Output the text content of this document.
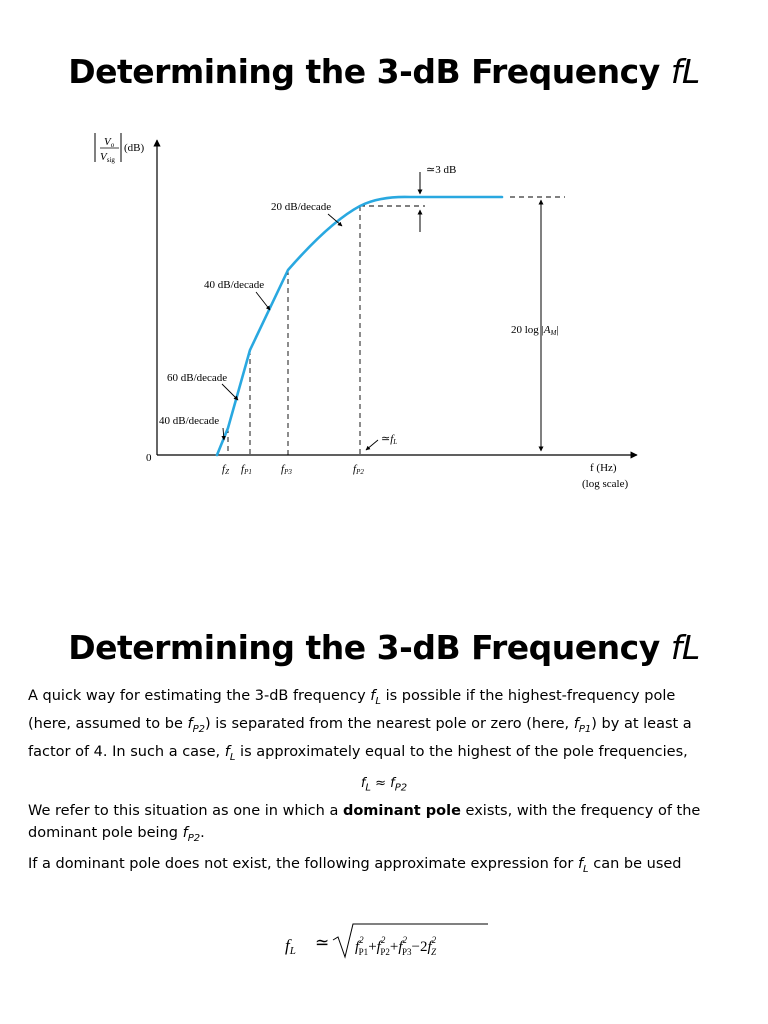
Determining the 3-dB Frequency fL
Vo
Vsig
(dB)
0
20 dB/decade
40 dB/decade
60 dB/decade
40 dB/decade
≃3 dB
≃fL
20 log |AM|
fZ fP1	fP3	fP2	f (Hz)
(log scale)
Determining the 3-dB Frequency fL

A quick way for estimating the 3-dB frequency $f_L$ is possible if the highest-frequency pole (here, assumed to be $f_{P2}$) is separated from the nearest pole or zero (here, $f_{P1}$) by at least a factor of 4. In such a case, $f_L$ is approximately equal to the highest of the pole frequencies,

$f_L \approx f_{P2}$

We refer to this situation as one in which a dominant pole exists, with the frequency of the dominant pole being $f_{P2}$.

If a dominant pole does not exist, the following approximate expression for $f_L$ can be used

fL ≃ $f^2$ $P1+f^2$ $P2+f^2$ $P3-2f^2$ Z
